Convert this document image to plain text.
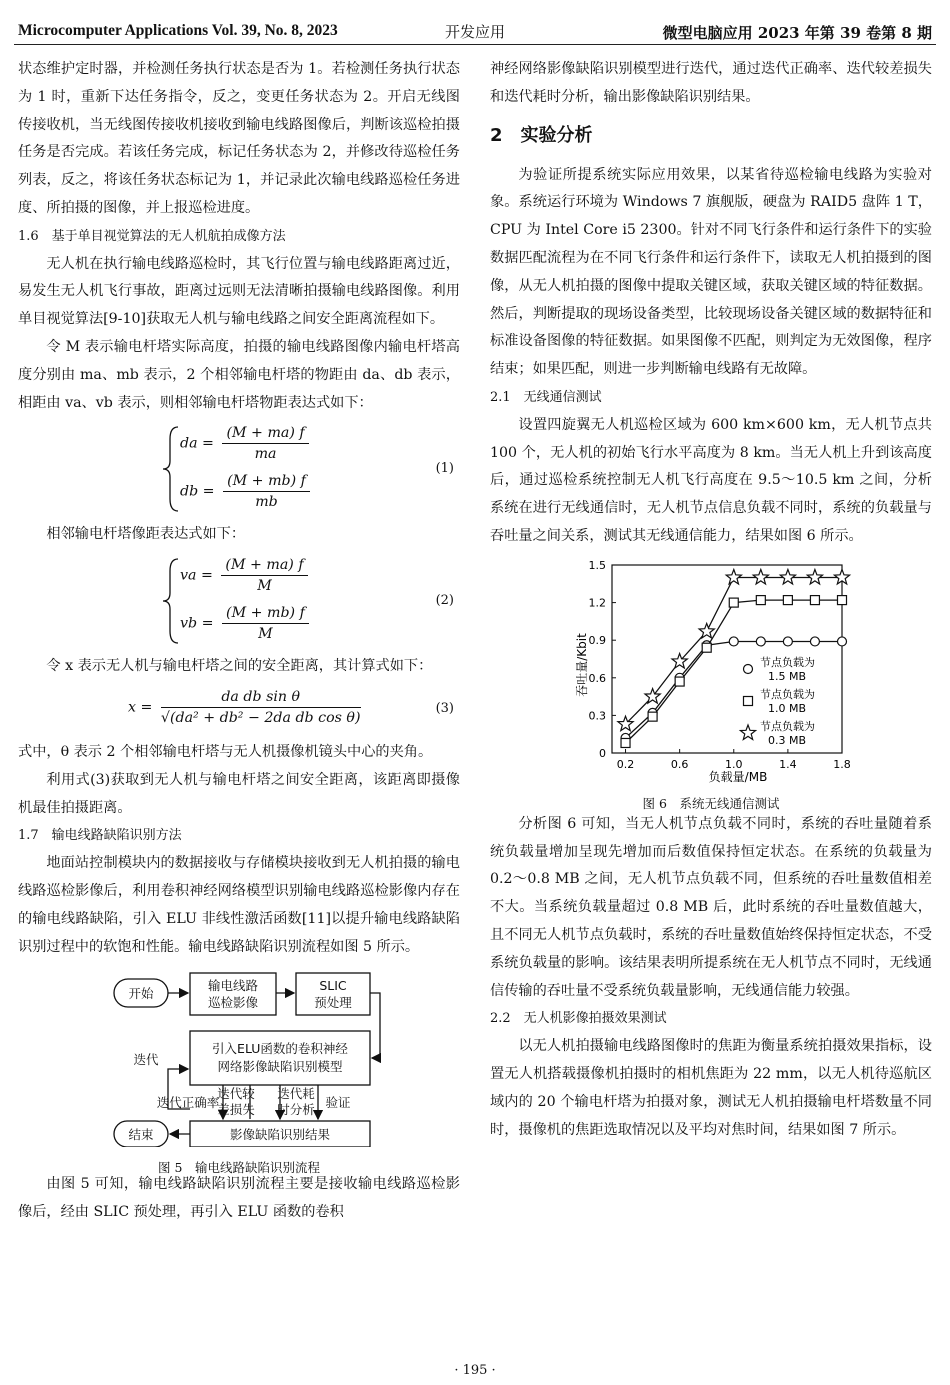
Microcomputer Applications Vol. 39, No. 8, 2023	开发应用	微型电脑应用 2023 年第 39 卷第 8 期

状态维护定时器，并检测任务执行状态是否为 1。若检测任务执行状态为 1 时，重新下达任务指令，反之，变更任务状态为 2。开启无线图传接收机，当无线图传接收机接收到输电线路图像后，判断该巡检拍摄任务是否完成。若该任务完成，标记任务状态为 2，并修改待巡检任务列表，反之，将该任务状态标记为 1，并记录此次输电线路巡检任务进度、所拍摄的图像，并上报巡检进度。

1.6　基于单目视觉算法的无人机航拍成像方法

无人机在执行输电线路巡检时，其飞行位置与输电线路距离过近，易发生无人机飞行事故，距离过远则无法清晰拍摄输电线路图像。利用单目视觉算法[9-10]获取无人机与输电线路之间安全距离流程如下。

令 M 表示输电杆塔实际高度，拍摄的输电线路图像内输电杆塔高度分别由 ma、mb 表示，2 个相邻输电杆塔的物距由 da、db 表示，相距由 va、vb 表示，则相邻输电杆塔物距表达式如下：

da = $\frac{(M + ma) f}{ma}$
db = $\frac{(M + mb) f}{mb}$
(1)

相邻输电杆塔像距表达式如下：

va = $\frac{(M + ma) f}{M}$
vb = $\frac{(M + mb) f}{M}$
(2)

令 x 表示无人机与输电杆塔之间的安全距离，其计算式如下：

$x = \frac{\text{da db sin θ}}{\text{√(da² + db² − 2da db cos θ)}}$	(3)

式中，θ 表示 2 个相邻输电杆塔与无人机摄像机镜头中心的夹角。

利用式(3)获取到无人机与输电杆塔之间安全距离，该距离即摄像机最佳拍摄距离。

1.7　输电线路缺陷识别方法

地面站控制模块内的数据接收与存储模块接收到无人机拍摄的输电线路巡检影像后，利用卷积神经网络模型识别输电线路巡检影像内存在的输电线路缺陷，引入 ELU 非线性激活函数[11]以提升输电线路缺陷识别过程中的软饱和性能。输电线路缺陷识别流程如图 5 所示。

开始
输电线路
巡检影像
SLIC
预处理
迭代
引入ELU函数的卷积神经
网络影像缺陷识别模型
迭代正确率
迭代较
差损失
迭代耗
时分析 验证
结束	影像缺陷识别结果
图 5　输电线路缺陷识别流程

由图 5 可知，输电线路缺陷识别流程主要是接收输电线路巡检影像后，经由 SLIC 预处理，再引入 ELU 函数的卷积

神经网络影像缺陷识别模型进行迭代，通过迭代正确率、迭代较差损失和迭代耗时分析，输出影像缺陷识别结果。

2　实验分析

为验证所提系统实际应用效果，以某省待巡检输电线路为实验对象。系统运行环境为 Windows 7 旗舰版，硬盘为 RAID5 盘阵 1 T，CPU 为 Intel Core i5 2300。针对不同飞行条件和运行条件下的实验数据匹配流程为在不同飞行条件和运行条件下，读取无人机拍摄到的图像，从无人机拍摄的图像中提取关键区域，获取关键区域的特征数据。然后，判断提取的现场设备类型，比较现场设备关键区域的数据特征和标准设备图像的特征数据。如果图像不匹配，则判定为无效图像，程序结束；如果匹配，则进一步判断输电线路有无故障。

2.1　无线通信测试

设置四旋翼无人机巡检区域为 600 km×600 km，无人机节点共 100 个，无人机的初始飞行水平高度为 8 km。当无人机上升到该高度后，通过巡检系统控制无人机飞行高度在 9.5～10.5 km 之间，分析系统在进行无线通信时，无人机节点信息负载不同时，系统的负载量与吞吐量之间关系，测试其无线通信能力，结果如图 6 所示。

吞吐量/Kbit
负载量/MB
0
0.3
0.6
0.9
1.2
1.5
0.2	0.6	1.0	1.4	1.8
节点负载为
1.5 MB
节点负载为
1.0 MB
节点负载为
0.3 MB
图 6　系统无线通信测试

分析图 6 可知，当无人机节点负载不同时，系统的吞吐量随着系统负载量增加呈现先增加而后数值保持恒定状态。在系统的负载量为 0.2～0.8 MB 之间，无人机节点负载不同，但系统的吞吐量数值相差不大。当系统负载量超过 0.8 MB 后，此时系统的吞吐量数值越大，且不同无人机节点负载时，系统的吞吐量数值始终保持恒定状态，不受系统负载量的影响。该结果表明所提系统在无人机节点不同时，无线通信传输的吞吐量不受系统负载量影响，无线通信能力较强。

2.2　无人机影像拍摄效果测试

以无人机拍摄输电线路图像时的焦距为衡量系统拍摄效果指标，设置无人机搭载摄像机拍摄时的相机焦距为 22 mm，以无人机待巡航区域内的 20 个输电杆塔为拍摄对象，测试无人机拍摄输电杆塔数量不同时，摄像机的焦距选取情况以及平均对焦时间，结果如图 7 所示。

· 195 ·
